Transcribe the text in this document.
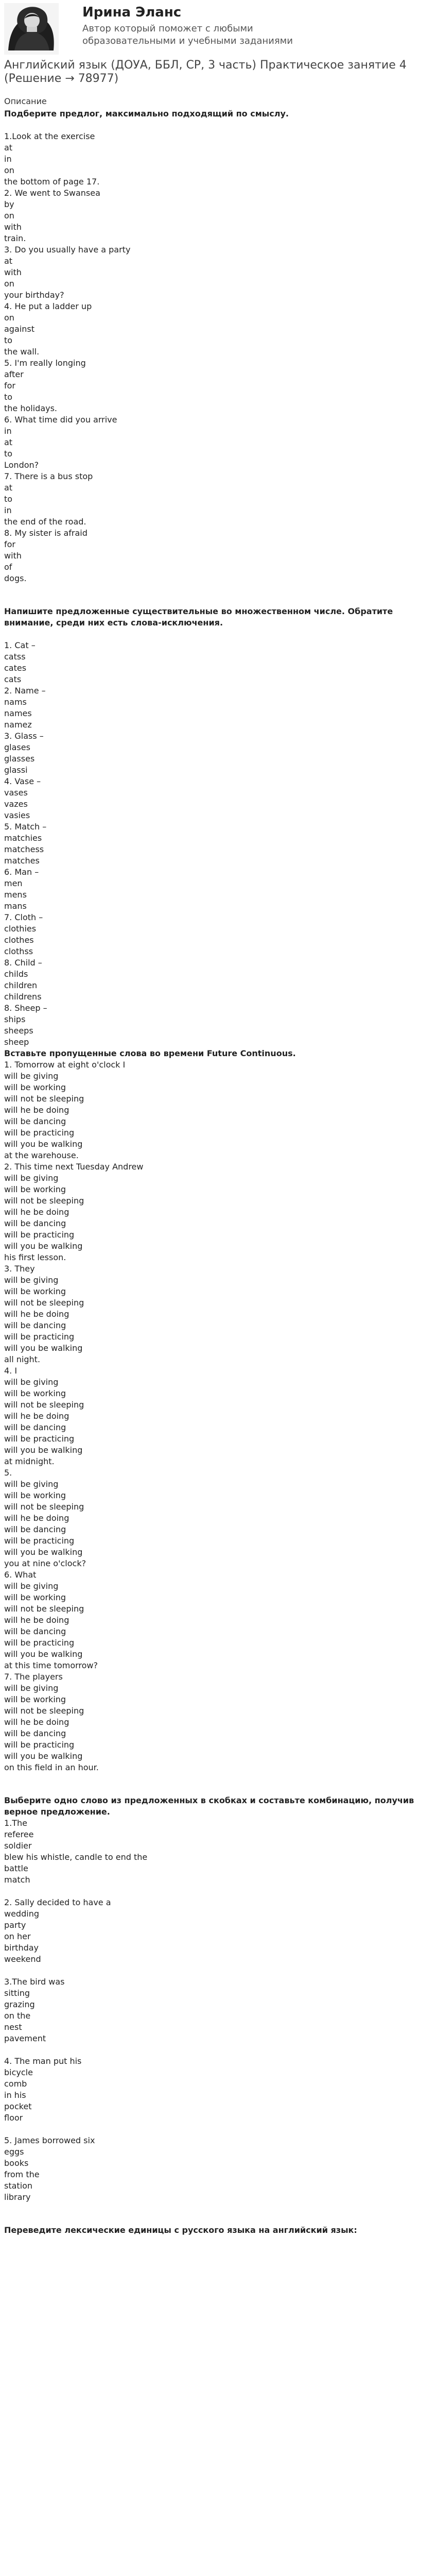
Ирина Эланс
Автор который поможет с любыми образовательными и учебными заданиями
Английский язык (ДОУА, ББЛ, СР, 3 часть) Практическое занятие 4 (Решение → 78977)
Описание
Подберите предлог, максимально подходящий по смыслу.
1.Look at the exercise
at
in
on
the bottom of page 17.
2. We went to Swansea
by
on
with
train.
3. Do you usually have a party
at
with
on
your birthday?
4. He put a ladder up
on
against
to
the wall.
5. I'm really longing
after
for
to
the holidays.
6. What time did you arrive
in
at
to
London?
7. There is a bus stop
at
to
in
the end of the road.
8. My sister is afraid
for
with
of
dogs.
Напишите предложенные существительные во множественном числе. Обратите внимание, среди них есть слова-исключения.
1. Cat –
catss
cates
cats
2. Name –
nams
names
namez
3. Glass –
glases
glasses
glassi
4. Vase –
vases
vazes
vasies
5. Match –
matchies
matchess
matches
6. Man –
men
mens
mans
7. Cloth –
clothies
clothes
clothss
8. Child –
childs
children
childrens
8. Sheep –
ships
sheeps
sheep
Вставьте пропущенные слова во времени Future Continuous.
1. Tomorrow at eight o'clock I
will be giving
will be working
will not be sleeping
will he be doing
will be dancing
will be practicing
will you be walking
at the warehouse.
2. This time next Tuesday Andrew
will be giving
will be working
will not be sleeping
will he be doing
will be dancing
will be practicing
will you be walking
his first lesson.
3. They
will be giving
will be working
will not be sleeping
will he be doing
will be dancing
will be practicing
will you be walking
all night.
4. I
will be giving
will be working
will not be sleeping
will he be doing
will be dancing
will be practicing
will you be walking
at midnight.
5.
will be giving
will be working
will not be sleeping
will he be doing
will be dancing
will be practicing
will you be walking
you at nine o'clock?
6. What
will be giving
will be working
will not be sleeping
will he be doing
will be dancing
will be practicing
will you be walking
at this time tomorrow?
7. The players
will be giving
will be working
will not be sleeping
will he be doing
will be dancing
will be practicing
will you be walking
on this field in an hour.
Выберите одно слово из предложенных в скобках и составьте комбинацию, получив верное предложение.
1.The
referee
soldier
blew his whistle, candle to end the
battle
match
2. Sally decided to have a
wedding
party
on her
birthday
weekend
3.The bird was
sitting
grazing
on the
nest
pavement
4. The man put his
bicycle
comb
in his
pocket
floor
5. James borrowed six
eggs
books
from the
station
library
Переведите лексические единицы с русского языка на английский язык:
